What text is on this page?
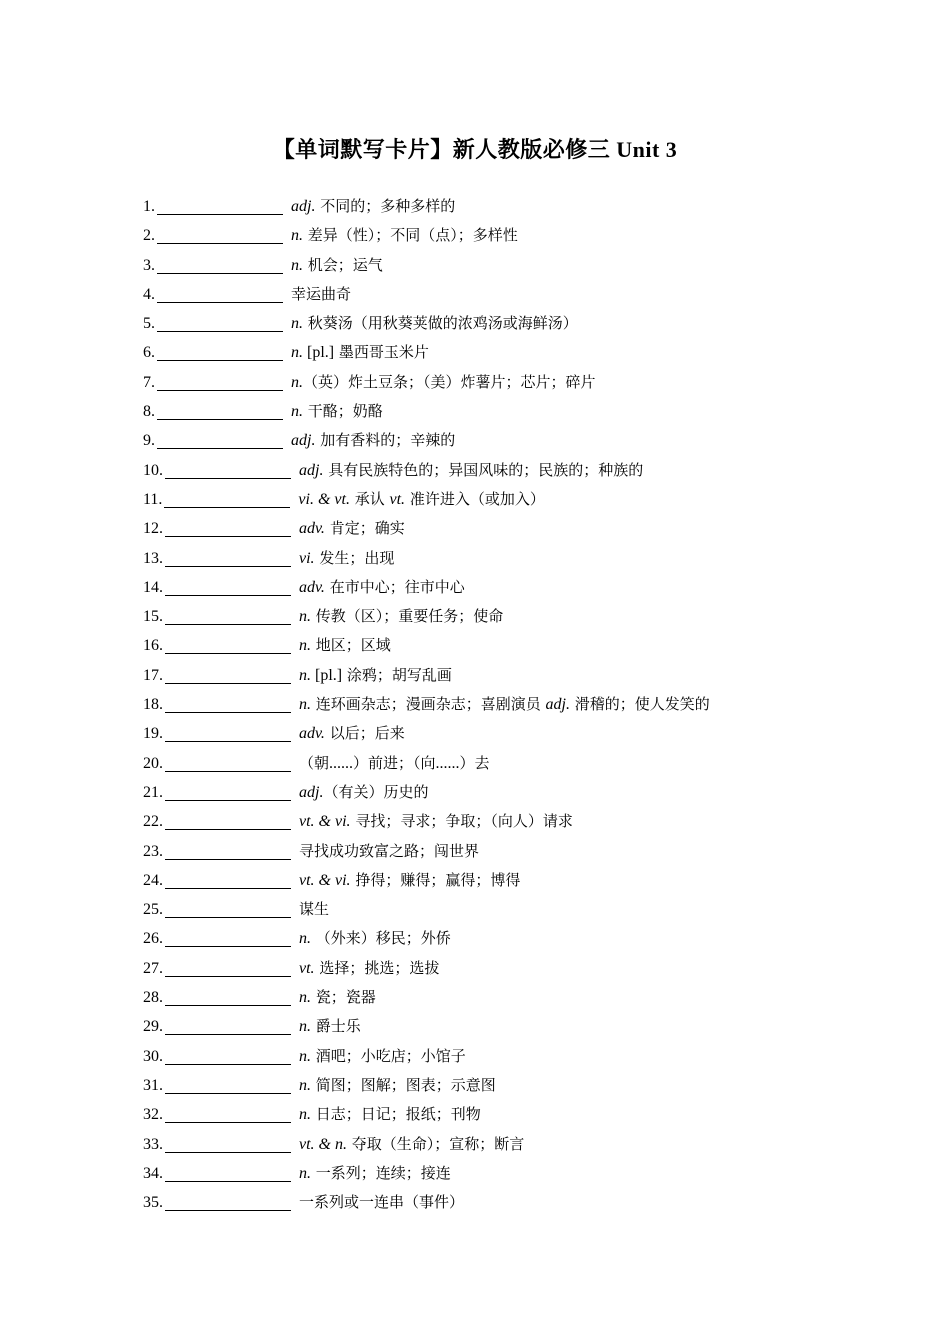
【单词默写卡片】新人教版必修三 Unit 3
1.	adj. 不同的；多种多样的
2.	n. 差异（性）；不同（点）；多样性
3.	n. 机会；运气
4.	幸运曲奇
5.	n. 秋葵汤（用秋葵荚做的浓鸡汤或海鲜汤）
6.	n. [pl.] 墨西哥玉米片
7.	n.（英）炸土豆条；（美）炸薯片；芯片；碎片
8.	n. 干酪；奶酪
9.	adj. 加有香料的；辛辣的
10.	adj. 具有民族特色的；异国风味的；民族的；种族的
11.	vi. & vt. 承认 vt. 准许进入（或加入）
12.	adv. 肯定；确实
13.	vi. 发生；出现
14.	adv. 在市中心；往市中心
15.	n. 传教（区）；重要任务；使命
16.	n. 地区；区域
17.	n. [pl.] 涂鸦；胡写乱画
18.	n. 连环画杂志；漫画杂志；喜剧演员 adj. 滑稽的；使人发笑的
19.	adv. 以后；后来
20.	（朝......）前进；（向......）去
21.	adj.（有关）历史的
22.	vt. & vi. 寻找；寻求；争取；（向人）请求
23.	寻找成功致富之路；闯世界
24.	vt. & vi. 挣得；赚得；赢得；博得
25.	谋生
26.	n. （外来）移民；外侨
27.	vt. 选择；挑选；选拔
28.	n. 瓷；瓷器
29.	n. 爵士乐
30.	n. 酒吧；小吃店；小馆子
31.	n. 简图；图解；图表；示意图
32.	n. 日志；日记；报纸；刊物
33.	vt. & n. 夺取（生命）；宣称；断言
34.	n. 一系列；连续；接连
35.	一系列或一连串（事件）
